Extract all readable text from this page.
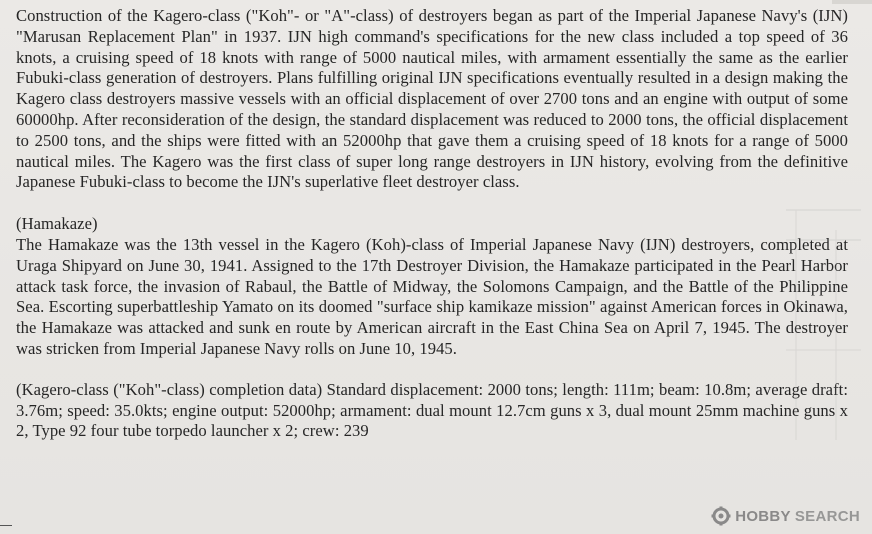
Construction of the Kagero-class ("Koh"- or "A"-class) of destroyers began as part of the Imperial Japanese Navy's (IJN) "Marusan Replacement Plan" in 1937. IJN high command's specifications for the new class included a top speed of 36 knots, a cruising speed of 18 knots with range of 5000 nautical miles, with armament essentially the same as the earlier Fubuki-class generation of destroyers. Plans fulfilling original IJN specifications eventually resulted in a design making the Kagero class destroyers massive vessels with an official displacement of over 2700 tons and an engine with output of some 60000hp. After reconsideration of the design, the standard displacement was reduced to 2000 tons, the official displacement to 2500 tons, and the ships were fitted with an 52000hp that gave them a cruising speed of 18 knots for a range of 5000 nautical miles. The Kagero was the first class of super long range destroyers in IJN history, evolving from the definitive Japanese Fubuki-class to become the IJN's superlative fleet destroyer class.

(Hamakaze)

The Hamakaze was the 13th vessel in the Kagero (Koh)-class of Imperial Japanese Navy (IJN) destroyers, completed at Uraga Shipyard on June 30, 1941. Assigned to the 17th Destroyer Division, the Hamakaze participated in the Pearl Harbor attack task force, the invasion of Rabaul, the Battle of Midway, the Solomons Campaign, and the Battle of the Philippine Sea. Escorting superbattleship Yamato on its doomed "surface ship kamikaze mission" against American forces in Okinawa, the Hamakaze was attacked and sunk en route by American aircraft in the East China Sea on April 7, 1945. The destroyer was stricken from Imperial Japanese Navy rolls on June 10, 1945.

(Kagero-class ("Koh"-class) completion data) Standard displacement: 2000 tons; length: 111m; beam: 10.8m; average draft: 3.76m; speed: 35.0kts; engine output: 52000hp; armament: dual mount 12.7cm guns x 3, dual mount 25mm machine guns x 2, Type 92 four tube torpedo launcher x 2; crew: 239

HOBBY SEARCH
